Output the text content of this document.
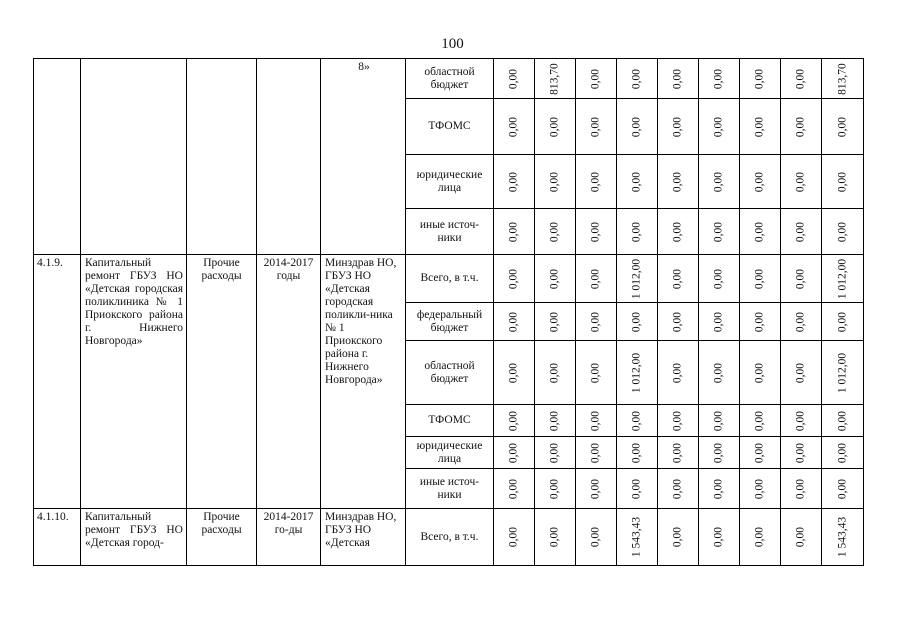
100

				8»	областной бюджет	0,00	813,70	0,00	0,00	0,00	0,00	0,00	0,00	813,70

					ТФОМС	0,00	0,00	0,00	0,00	0,00	0,00	0,00	0,00	0,00

					юридические лица	0,00	0,00	0,00	0,00	0,00	0,00	0,00	0,00	0,00

					иные источ-ники	0,00	0,00	0,00	0,00	0,00	0,00	0,00	0,00	0,00

4.1.9.	Капитальный ремонт ГБУЗ НО «Детская городская поликлиника № 1 Приокского района г. Нижнего Новгорода»	Прочие расходы	2014-2017 годы	Минздрав НО, ГБУЗ НО «Детская городская поликли-ника № 1 Приокского района г. Нижнего Новгорода»	Всего, в т.ч.	0,00	0,00	0,00	1 012,00	0,00	0,00	0,00	0,00	1 012,00

					федеральный бюджет	0,00	0,00	0,00	0,00	0,00	0,00	0,00	0,00	0,00

					областной бюджет	0,00	0,00	0,00	1 012,00	0,00	0,00	0,00	0,00	1 012,00

					ТФОМС	0,00	0,00	0,00	0,00	0,00	0,00	0,00	0,00	0,00

					юридические лица	0,00	0,00	0,00	0,00	0,00	0,00	0,00	0,00	0,00

					иные источ-ники	0,00	0,00	0,00	0,00	0,00	0,00	0,00	0,00	0,00

4.1.10.	Капитальный ремонт ГБУЗ НО «Детская город-	Прочие расходы	2014-2017 го-ды	Минздрав НО, ГБУЗ НО «Детская	Всего, в т.ч.	0,00	0,00	0,00	1 543,43	0,00	0,00	0,00	0,00	1 543,43
